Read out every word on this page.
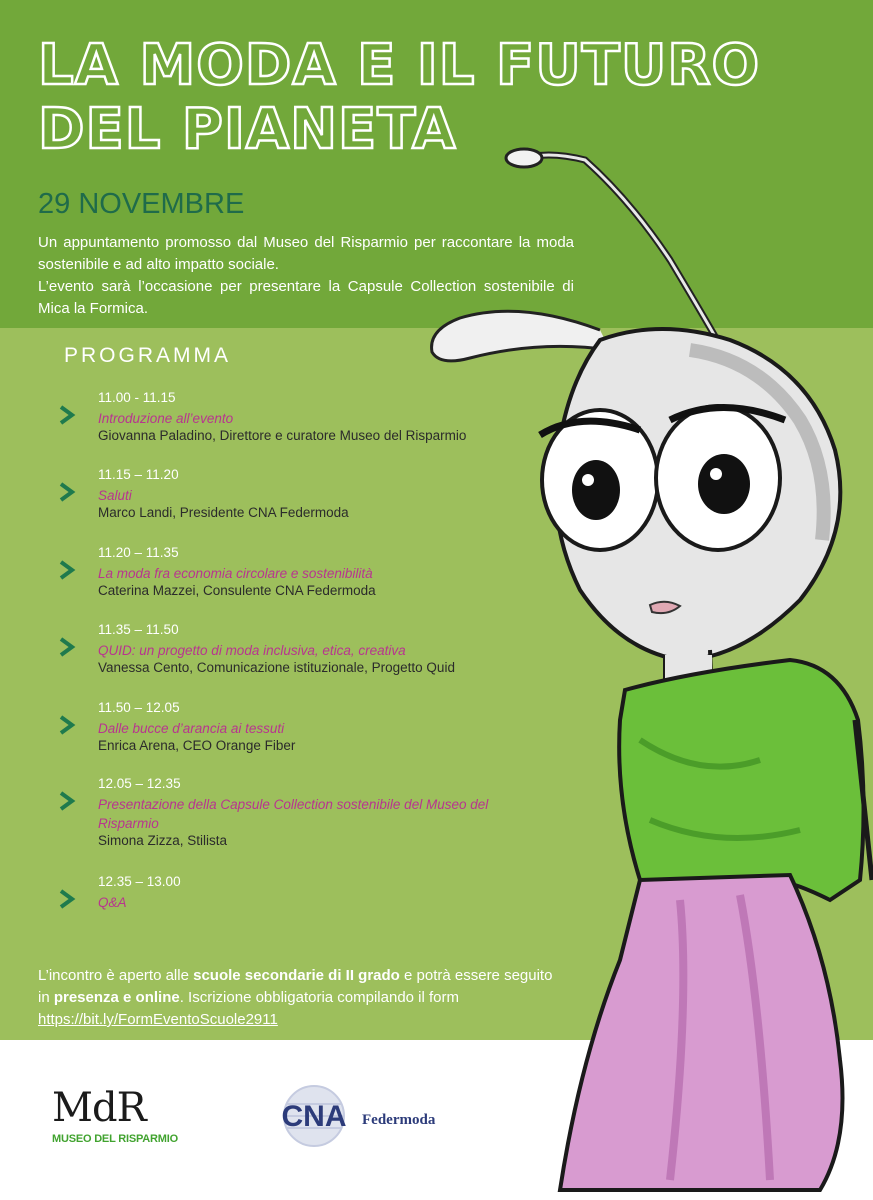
LA MODA E IL FUTURO
DEL PIANETA
29 NOVEMBRE

Un appuntamento promosso dal Museo del Risparmio per raccontare la moda sostenibile e ad alto impatto sociale.

L’evento sarà l’occasione per presentare la Capsule Collection sostenibile di Mica la Formica.

PROGRAMMA
11.00 - 11.15
Introduzione all’evento
Giovanna Paladino, Direttore e curatore Museo del Risparmio
11.15 – 11.20
Saluti
Marco Landi, Presidente CNA Federmoda
11.20 – 11.35
La moda fra economia circolare e sostenibilità
Caterina Mazzei, Consulente CNA Federmoda
11.35 – 11.50
QUID: un progetto di moda inclusiva, etica, creativa
Vanessa Cento, Comunicazione istituzionale, Progetto Quid
11.50 – 12.05
Dalle bucce d’arancia ai tessuti
Enrica Arena, CEO Orange Fiber
12.05 – 12.35
Presentazione della Capsule Collection sostenibile del Museo del Risparmio
Simona Zizza, Stilista
12.35 – 13.00
Q&A
L’incontro è aperto alle scuole secondarie di II grado e potrà essere seguito in presenza e online. Iscrizione obbligatoria compilando il form
https://bit.ly/FormEventoScuole2911
MdR
MUSEO DEL RISPARMIO
CNA Federmoda
